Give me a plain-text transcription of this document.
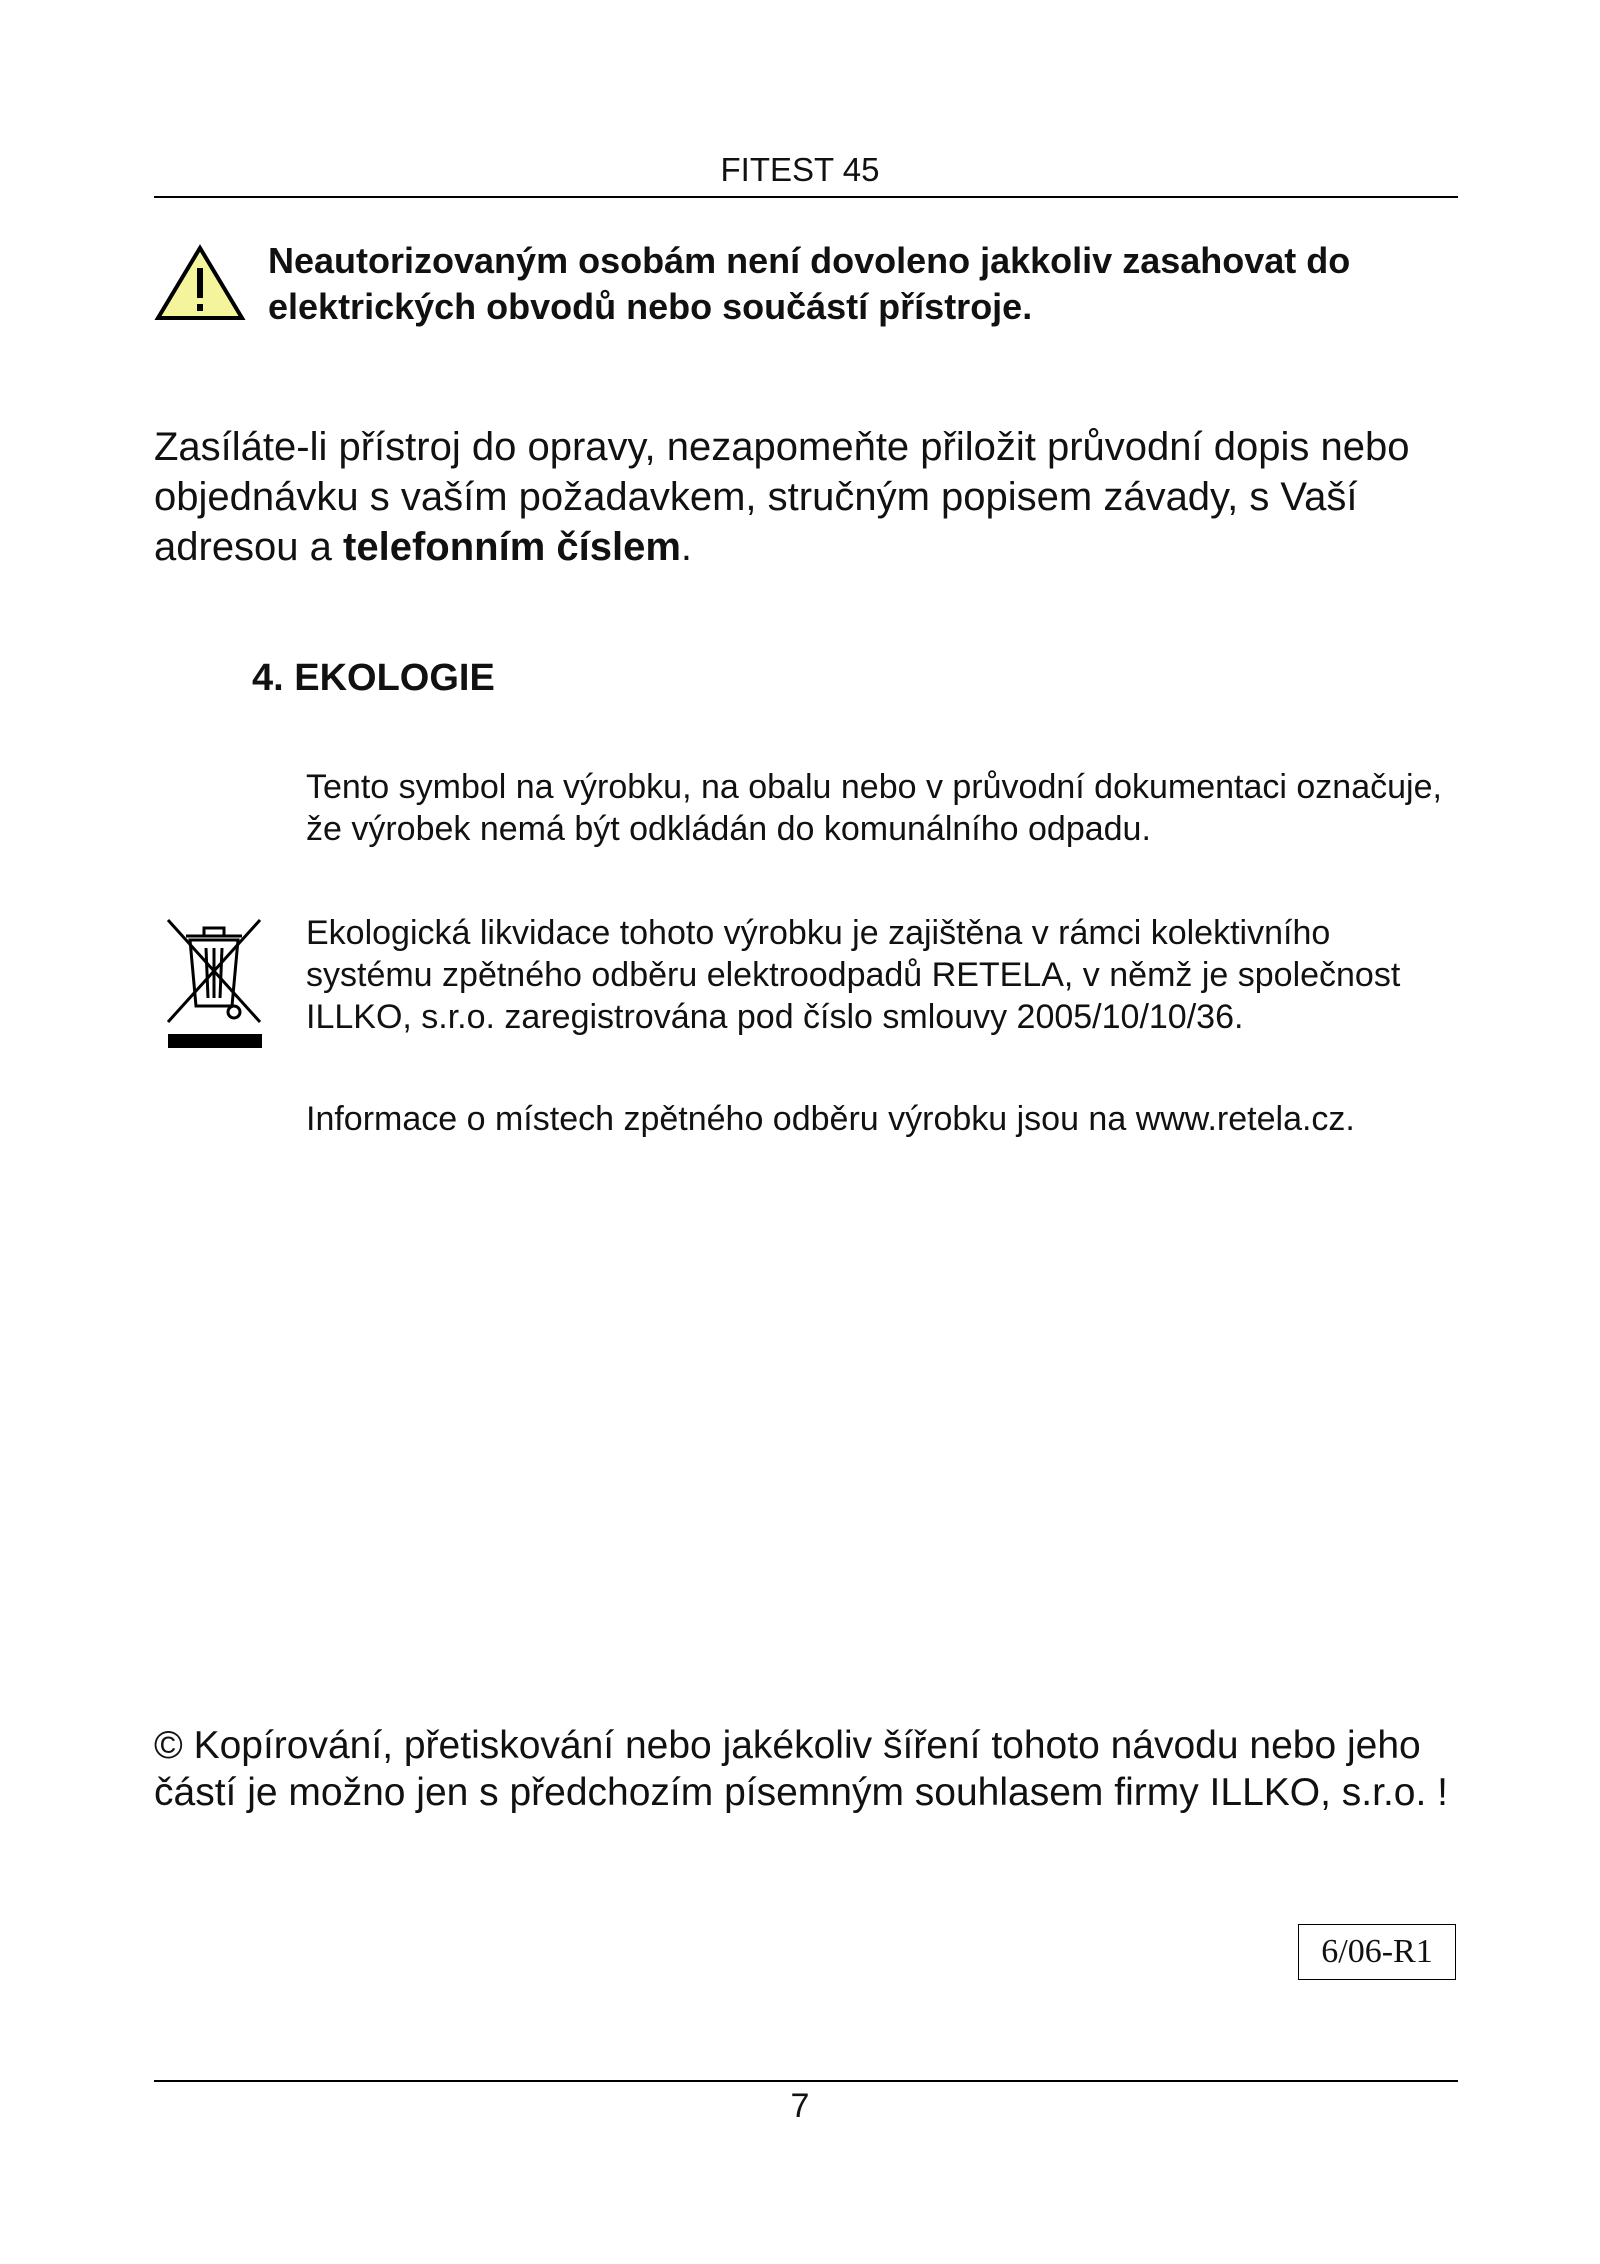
FITEST 45
Neautorizovaným osobám není dovoleno jakkoliv zasahovat do elektrických obvodů nebo součástí přístroje.
Zasíláte-li přístroj do opravy, nezapomeňte přiložit průvodní dopis nebo objednávku s vaším požadavkem, stručným popisem závady, s Vaší adresou a telefonním číslem.
4. EKOLOGIE
Tento symbol na výrobku, na obalu nebo v průvodní dokumentaci označuje, že výrobek nemá být odkládán do komunálního odpadu.
Ekologická likvidace tohoto výrobku je zajištěna v rámci kolektivního systému zpětného odběru elektroodpadů RETELA, v němž je společnost ILLKO, s.r.o. zaregistrována pod číslo smlouvy 2005/10/10/36.
Informace o místech zpětného odběru výrobku jsou na www.retela.cz.
© Kopírování, přetiskování nebo jakékoliv šíření tohoto návodu nebo jeho částí je možno jen s předchozím písemným souhlasem firmy ILLKO, s.r.o. !
6/06-R1
7
